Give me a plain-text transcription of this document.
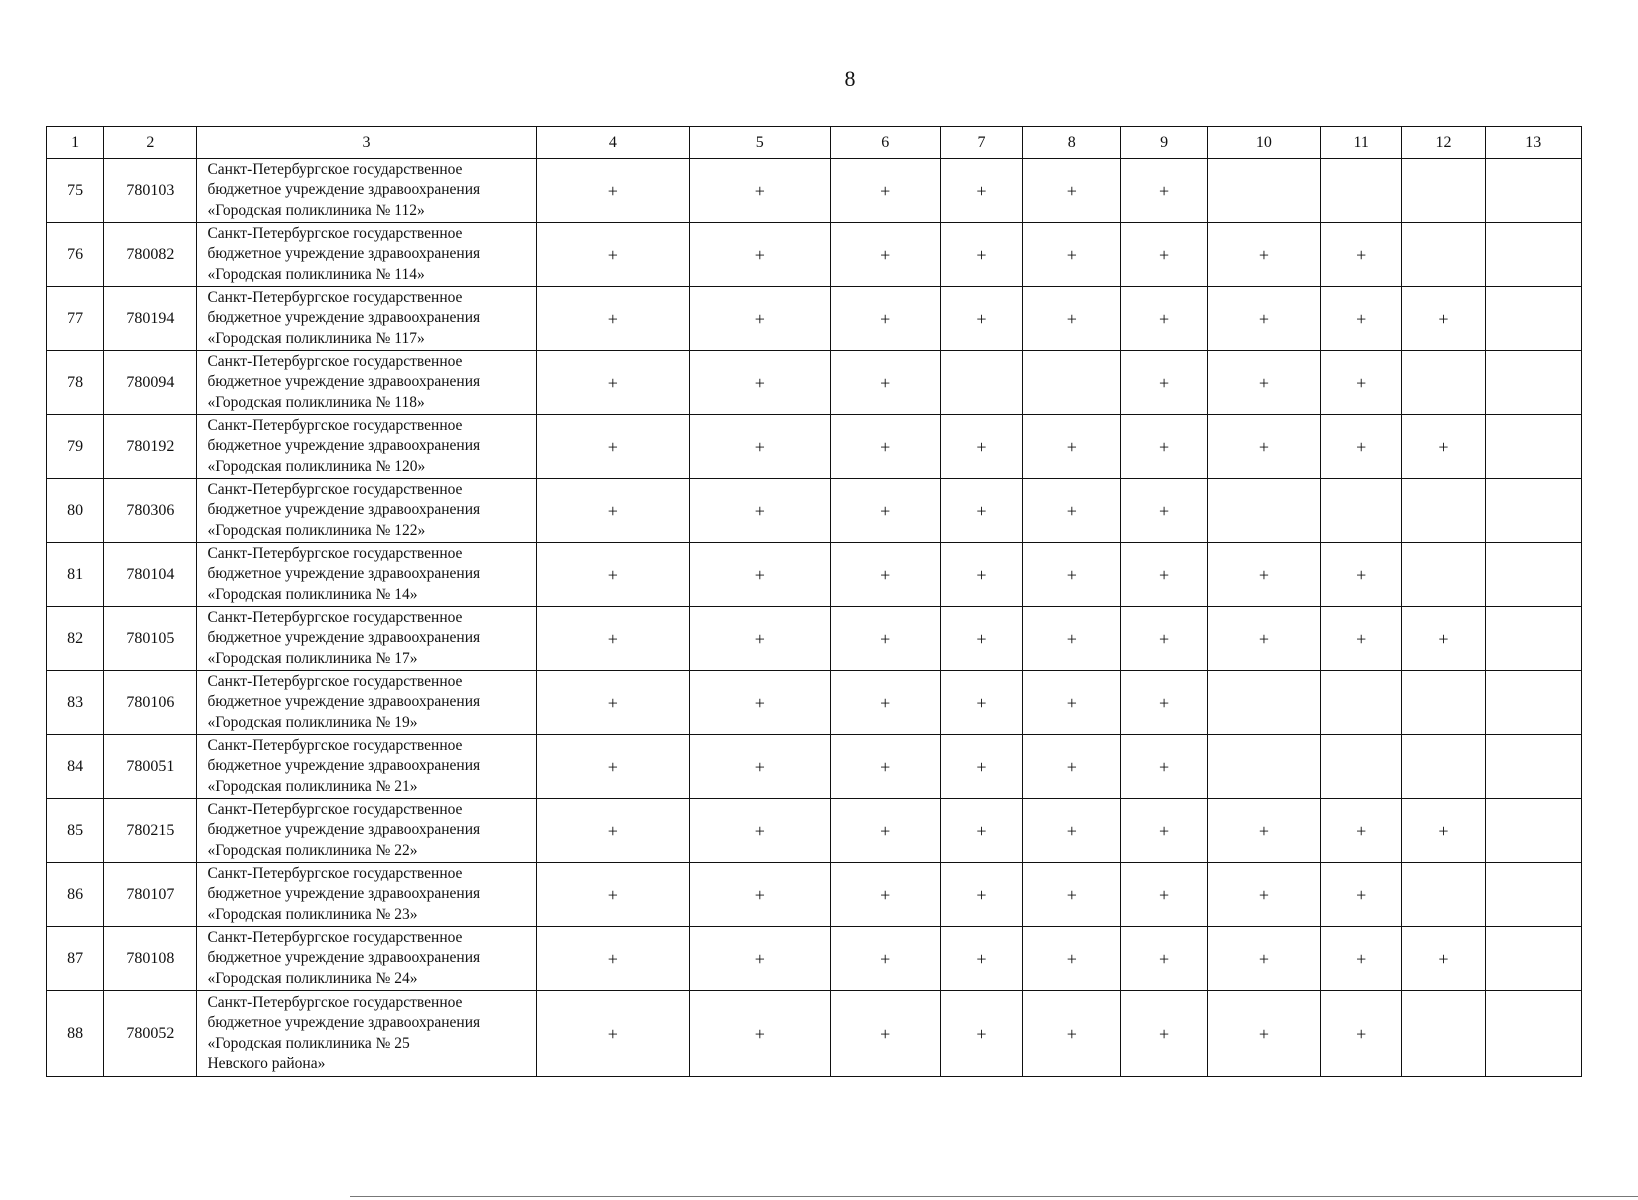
8
1	2	3	4	5	6	7	8	9	10	11	12	13
75	780103	Санкт-Петербургское государственное
бюджетное учреждение здравоохранения
«Городская поликлиника № 112»	+	+	+	+	+	+				
76	780082	Санкт-Петербургское государственное
бюджетное учреждение здравоохранения
«Городская поликлиника № 114»	+	+	+	+	+	+	+	+		
77	780194	Санкт-Петербургское государственное
бюджетное учреждение здравоохранения
«Городская поликлиника № 117»	+	+	+	+	+	+	+	+	+	
78	780094	Санкт-Петербургское государственное
бюджетное учреждение здравоохранения
«Городская поликлиника № 118»	+	+	+			+	+	+		
79	780192	Санкт-Петербургское государственное
бюджетное учреждение здравоохранения
«Городская поликлиника № 120»	+	+	+	+	+	+	+	+	+	
80	780306	Санкт-Петербургское государственное
бюджетное учреждение здравоохранения
«Городская поликлиника № 122»	+	+	+	+	+	+				
81	780104	Санкт-Петербургское государственное
бюджетное учреждение здравоохранения
«Городская поликлиника № 14»	+	+	+	+	+	+	+	+		
82	780105	Санкт-Петербургское государственное
бюджетное учреждение здравоохранения
«Городская поликлиника № 17»	+	+	+	+	+	+	+	+	+	
83	780106	Санкт-Петербургское государственное
бюджетное учреждение здравоохранения
«Городская поликлиника № 19»	+	+	+	+	+	+				
84	780051	Санкт-Петербургское государственное
бюджетное учреждение здравоохранения
«Городская поликлиника № 21»	+	+	+	+	+	+				
85	780215	Санкт-Петербургское государственное
бюджетное учреждение здравоохранения
«Городская поликлиника № 22»	+	+	+	+	+	+	+	+	+	
86	780107	Санкт-Петербургское государственное
бюджетное учреждение здравоохранения
«Городская поликлиника № 23»	+	+	+	+	+	+	+	+		
87	780108	Санкт-Петербургское государственное
бюджетное учреждение здравоохранения
«Городская поликлиника № 24»	+	+	+	+	+	+	+	+	+	
88	780052	Санкт-Петербургское государственное
бюджетное учреждение здравоохранения
«Городская поликлиника № 25
Невского района»	+	+	+	+	+	+	+	+		
